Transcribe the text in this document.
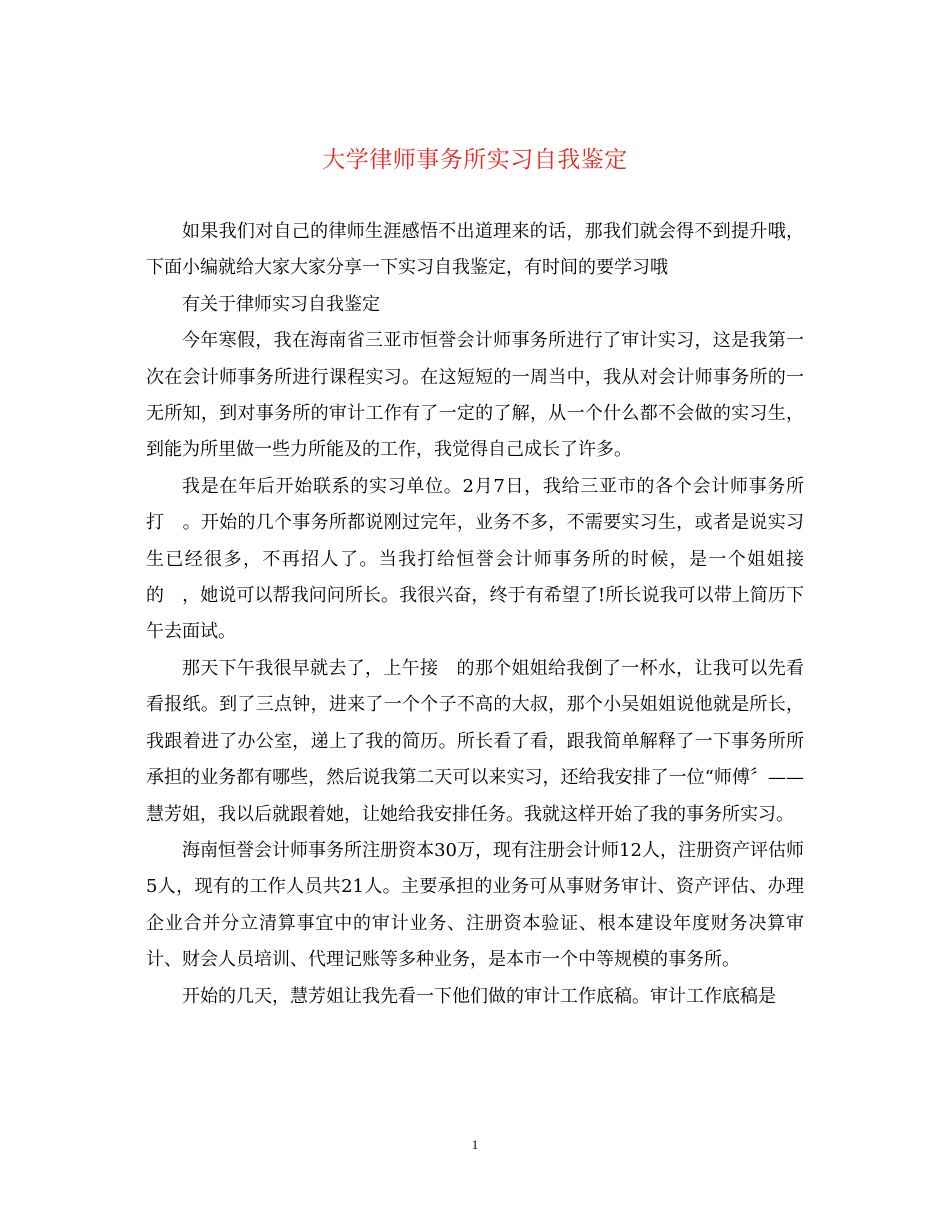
大学律师事务所实习自我鉴定

如果我们对自己的律师生涯感悟不出道理来的话，那我们就会得不到提升哦，下面小编就给大家大家分享一下实习自我鉴定，有时间的要学习哦

有关于律师实习自我鉴定

今年寒假，我在海南省三亚市恒誉会计师事务所进行了审计实习，这是我第一次在会计师事务所进行课程实习。在这短短的一周当中，我从对会计师事务所的一无所知，到对事务所的审计工作有了一定的了解，从一个什么都不会做的实习生，到能为所里做一些力所能及的工作，我觉得自己成长了许多。

我是在年后开始联系的实习单位。2月7日，我给三亚市的各个会计师事务所打　。开始的几个事务所都说刚过完年，业务不多，不需要实习生，或者是说实习生已经很多，不再招人了。当我打给恒誉会计师事务所的时候，是一个姐姐接的　，她说可以帮我问问所长。我很兴奋，终于有希望了!所长说我可以带上简历下午去面试。

那天下午我很早就去了，上午接　的那个姐姐给我倒了一杯水，让我可以先看看报纸。到了三点钟，进来了一个个子不高的大叔，那个小吴姐姐说他就是所长，我跟着进了办公室，递上了我的简历。所长看了看，跟我简单解释了一下事务所所承担的业务都有哪些，然后说我第二天可以来实习，还给我安排了一位“师傅〞——慧芳姐，我以后就跟着她，让她给我安排任务。我就这样开始了我的事务所实习。

海南恒誉会计师事务所注册资本30万，现有注册会计师12人，注册资产评估师5人，现有的工作人员共21人。主要承担的业务可从事财务审计、资产评估、办理企业合并分立清算事宜中的审计业务、注册资本验证、根本建设年度财务决算审计、财会人员培训、代理记账等多种业务，是本市一个中等规模的事务所。

开始的几天，慧芳姐让我先看一下他们做的审计工作底稿。审计工作底稿是

1
